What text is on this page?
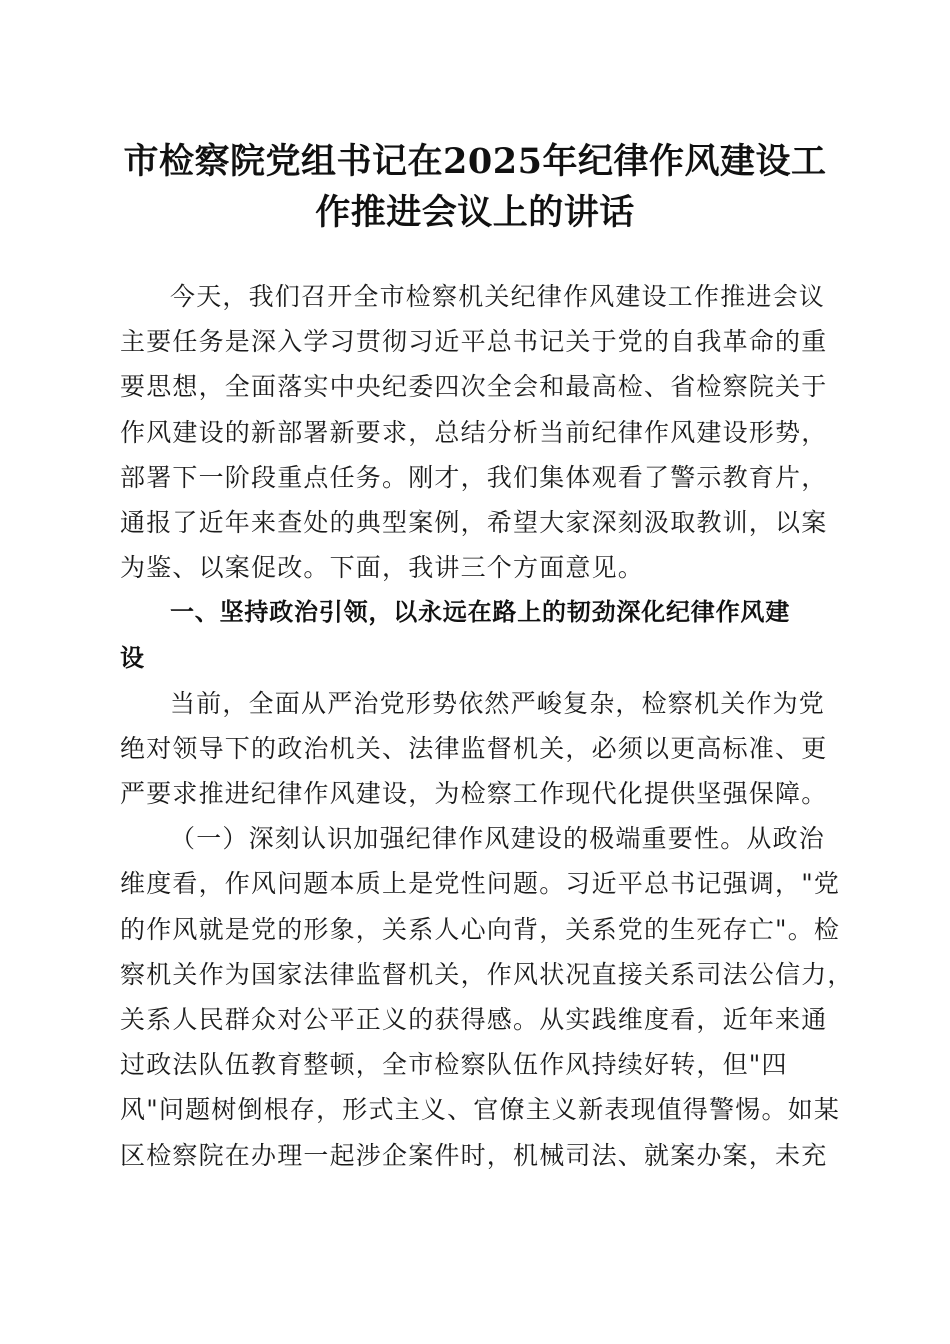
市检察院党组书记在2025年纪律作风建设工
作推进会议上的讲话
今天，我们召开全市检察机关纪律作风建设工作推进会议
主要任务是深入学习贯彻习近平总书记关于党的自我革命的重
要思想，全面落实中央纪委四次全会和最高检、省检察院关于
作风建设的新部署新要求，总结分析当前纪律作风建设形势，
部署下一阶段重点任务。刚才，我们集体观看了警示教育片，
通报了近年来查处的典型案例，希望大家深刻汲取教训，以案
为鉴、以案促改。下面，我讲三个方面意见。
一、坚持政治引领，以永远在路上的韧劲深化纪律作风建
设
当前，全面从严治党形势依然严峻复杂，检察机关作为党
绝对领导下的政治机关、法律监督机关，必须以更高标准、更
严要求推进纪律作风建设，为检察工作现代化提供坚强保障。
（一）深刻认识加强纪律作风建设的极端重要性。从政治
维度看，作风问题本质上是党性问题。习近平总书记强调，"党
的作风就是党的形象，关系人心向背，关系党的生死存亡"。检
察机关作为国家法律监督机关，作风状况直接关系司法公信力，
关系人民群众对公平正义的获得感。从实践维度看，近年来通
过政法队伍教育整顿，全市检察队伍作风持续好转，但"四
风"问题树倒根存，形式主义、官僚主义新表现值得警惕。如某
区检察院在办理一起涉企案件时，机械司法、就案办案，未充
